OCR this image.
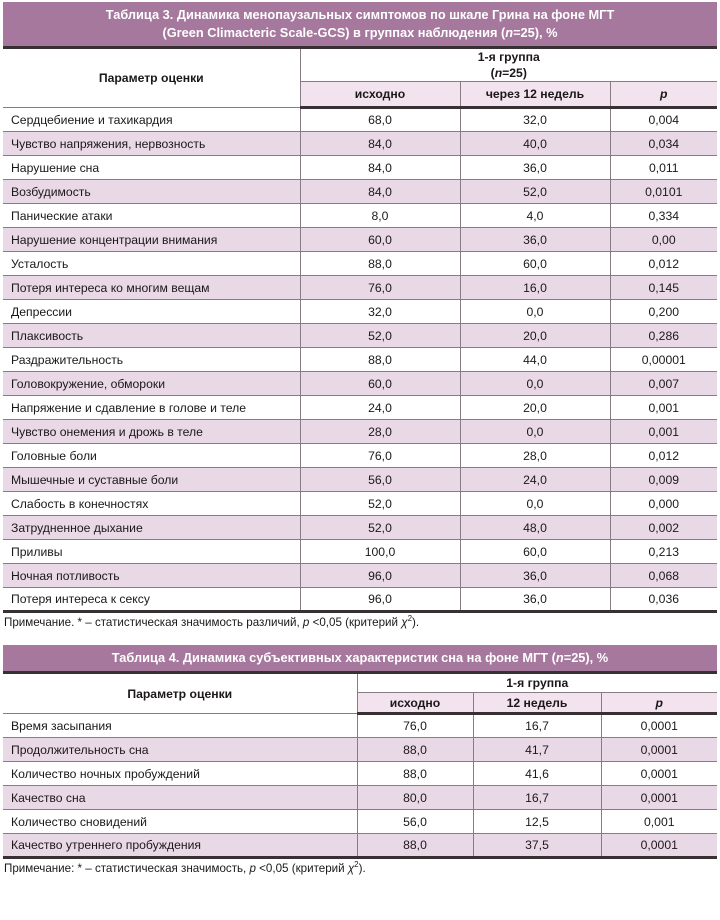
Таблица 3. Динамика менопаузальных симптомов по шкале Грина на фоне МГТ
(Green Climacteric Scale-GCS) в группах наблюдения (n=25), %
Параметр оценки	1-я группа
(n=25)		

	исходно	через 12 недель	p
Сердцебиение и тахикардия	68,0	32,0	0,004
Чувство напряжения, нервозность	84,0	40,0	0,034
Нарушение сна	84,0	36,0	0,011
Возбудимость	84,0	52,0	0,0101
Панические атаки	8,0	4,0	0,334
Нарушение концентрации внимания	60,0	36,0	0,00
Усталость	88,0	60,0	0,012
Потеря интереса ко многим вещам	76,0	16,0	0,145
Депрессии	32,0	0,0	0,200
Плаксивость	52,0	20,0	0,286
Раздражительность	88,0	44,0	0,00001
Головокружение, обмороки	60,0	0,0	0,007
Напряжение и сдавление в голове и теле	24,0	20,0	0,001
Чувство онемения и дрожь в теле	28,0	0,0	0,001
Головные боли	76,0	28,0	0,012
Мышечные и суставные боли	56,0	24,0	0,009
Слабость в конечностях	52,0	0,0	0,000
Затрудненное дыхание	52,0	48,0	0,002
Приливы	100,0	60,0	0,213
Ночная потливость	96,0	36,0	0,068
Потеря интереса к сексу	96,0	36,0	0,036

Примечание. * – статистическая значимость различий, p <0,05 (критерий $\chi^2$).

Таблица 4. Динамика субъективных характеристик сна на фоне МГТ (n=25), %
Параметр оценки	1-я группа		
	исходно	12 недель	p
Время засыпания	76,0	16,7	0,0001
Продолжительность сна	88,0	41,7	0,0001
Количество ночных пробуждений	88,0	41,6	0,0001
Качество сна	80,0	16,7	0,0001
Количество сновидений	56,0	12,5	0,001
Качество утреннего пробуждения	88,0	37,5	0,0001

Примечание: * – статистическая значимость, p <0,05 (критерий $\chi^2$).
